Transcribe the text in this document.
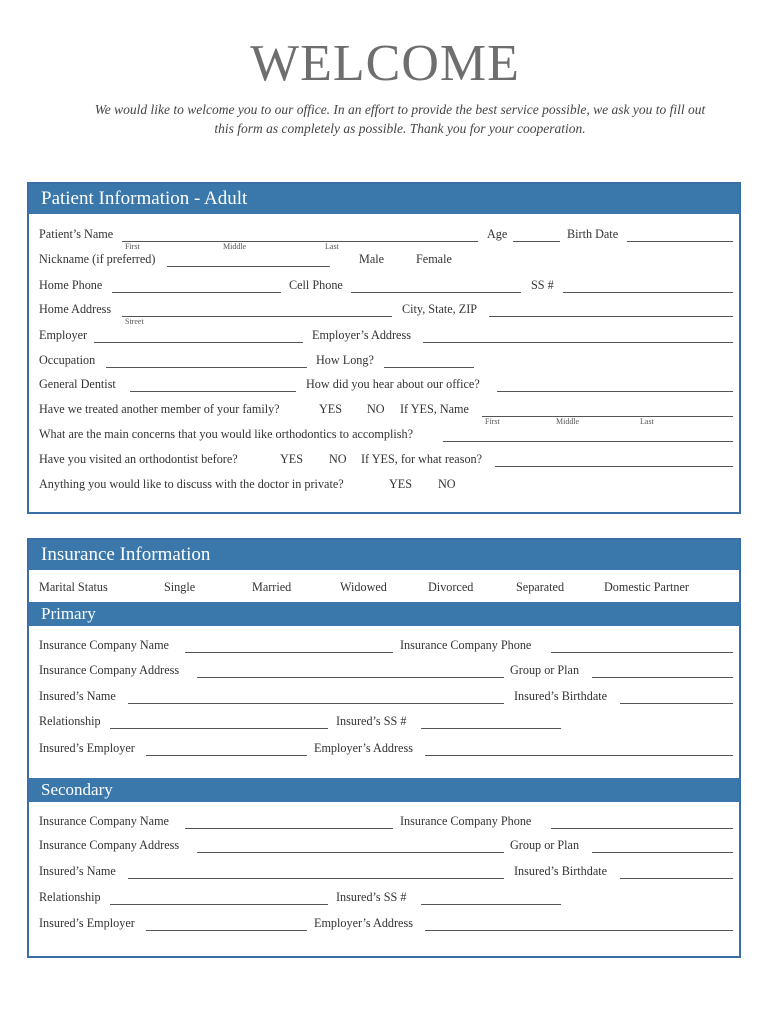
WELCOME
We would like to welcome you to our office. In an effort to provide the best service possible, we ask you to fill out
this form as completely as possible. Thank you for your cooperation.
Patient Information - Adult
Patient’s Name
First	Middle	Last
Age	Birth Date
Nickname (if preferred)	Male	Female
Home Phone	Cell Phone	SS #
Home Address
Street
City, State, ZIP
Employer	Employer’s Address
Occupation	How Long?
General Dentist	How did you hear about our office?
Have we treated another member of your family?	YES NO If YES, Name
First	Middle	Last
What are the main concerns that you would like orthodontics to accomplish?
Have you visited an orthodontist before?	YES NO If YES, for what reason?
Anything you would like to discuss with the doctor in private?	YES NO
Insurance Information
Marital Status	Single	Married	Widowed	Divorced	Separated	Domestic Partner
Primary
Insurance Company Name	Insurance Company Phone
Insurance Company Address	Group or Plan
Insured’s Name	Insured’s Birthdate
Relationship	Insured’s SS #
Insured’s Employer	Employer’s Address
Secondary
Insurance Company Name	Insurance Company Phone
Insurance Company Address	Group or Plan
Insured’s Name	Insured’s Birthdate
Relationship	Insured’s SS #
Insured’s Employer	Employer’s Address
